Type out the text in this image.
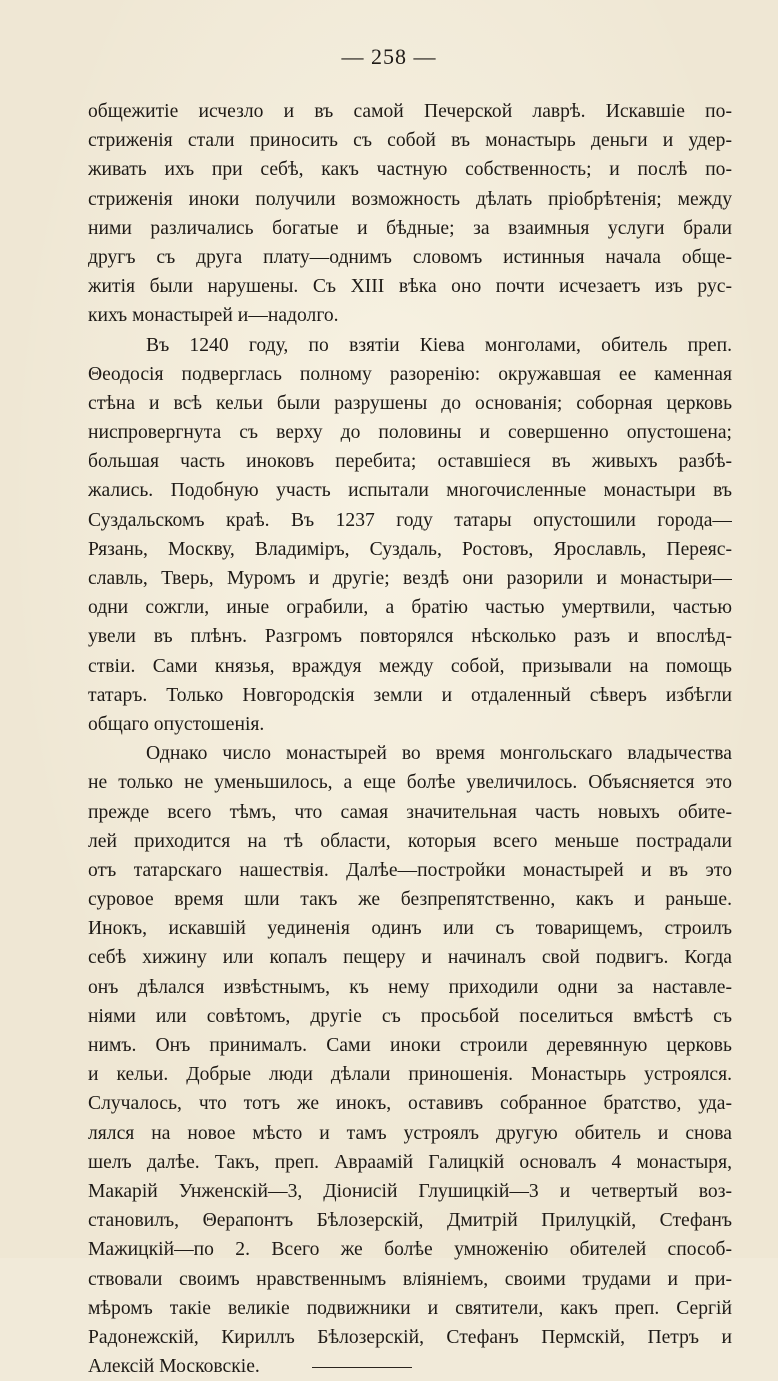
— 258 —
общежитіе исчезло и въ самой Печерской лаврѣ. Искавшіе по-
стриженія стали приносить съ собой въ монастырь деньги и удер-
живать ихъ при себѣ, какъ частную собственность; и послѣ по-
стриженія иноки получили возможность дѣлать пріобрѣтенія; между
ними различались богатые и бѣдные; за взаимныя услуги брали
другъ съ друга плату—однимъ словомъ истинныя начала обще-
житія были нарушены. Съ XIII вѣка оно почти исчезаетъ изъ рус-
кихъ монастырей и—надолго.
Въ 1240 году, по взятіи Кіева монголами, обитель преп.
Θеодосія подверглась полному разоренію: окружавшая ее каменная
стѣна и всѣ кельи были разрушены до основанія; соборная церковь
ниспровергнута съ верху до половины и совершенно опустошена;
большая часть иноковъ перебита; оставшіеся въ живыхъ разбѣ-
жались. Подобную участь испытали многочисленные монастыри въ
Суздальскомъ краѣ. Въ 1237 году татары опустошили города—
Рязань, Москву, Владиміръ, Суздаль, Ростовъ, Ярославль, Переяс-
славль, Тверь, Муромъ и другіе; вездѣ они разорили и монастыри—
одни сожгли, иные ограбили, а братію частью умертвили, частью
увели въ плѣнъ. Разгромъ повторялся нѣсколько разъ и впослѣд-
ствіи. Сами князья, враждуя между собой, призывали на помощь
татаръ. Только Новгородскія земли и отдаленный сѣверъ избѣгли
общаго опустошенія.
Однако число монастырей во время монгольскаго владычества
не только не уменьшилось, а еще болѣе увеличилось. Объясняется это
прежде всего тѣмъ, что самая значительная часть новыхъ обите-
лей приходится на тѣ области, которыя всего меньше пострадали
отъ татарскаго нашествія. Далѣе—постройки монастырей и въ это
суровое время шли такъ же безпрепятственно, какъ и раньше.
Инокъ, искавшій уединенія одинъ или съ товарищемъ, строилъ
себѣ хижину или копалъ пещеру и начиналъ свой подвигъ. Когда
онъ дѣлался извѣстнымъ, къ нему приходили одни за наставле-
ніями или совѣтомъ, другіе съ просьбой поселиться вмѣстѣ съ
нимъ. Онъ принималъ. Сами иноки строили деревянную церковь
и кельи. Добрые люди дѣлали приношенія. Монастырь устроялся.
Случалось, что тотъ же инокъ, оставивъ собранное братство, уда-
лялся на новое мѣсто и тамъ устроялъ другую обитель и снова
шелъ далѣе. Такъ, преп. Авраамій Галицкій основалъ 4 монастыря,
Макарій Унженскій—3, Діонисій Глушицкій—3 и четвертый воз-
становилъ, Θерапонтъ Бѣлозерскій, Дмитрій Прилуцкій, Стефанъ
Мажицкій—по 2. Всего же болѣе умноженію обителей способ-
ствовали своимъ нравственнымъ вліяніемъ, своими трудами и при-
мѣромъ такіе великіе подвижники и святители, какъ преп. Сергій
Радонежскій, Кириллъ Бѣлозерскій, Стефанъ Пермскій, Петръ и
Алексій Московскіе.
